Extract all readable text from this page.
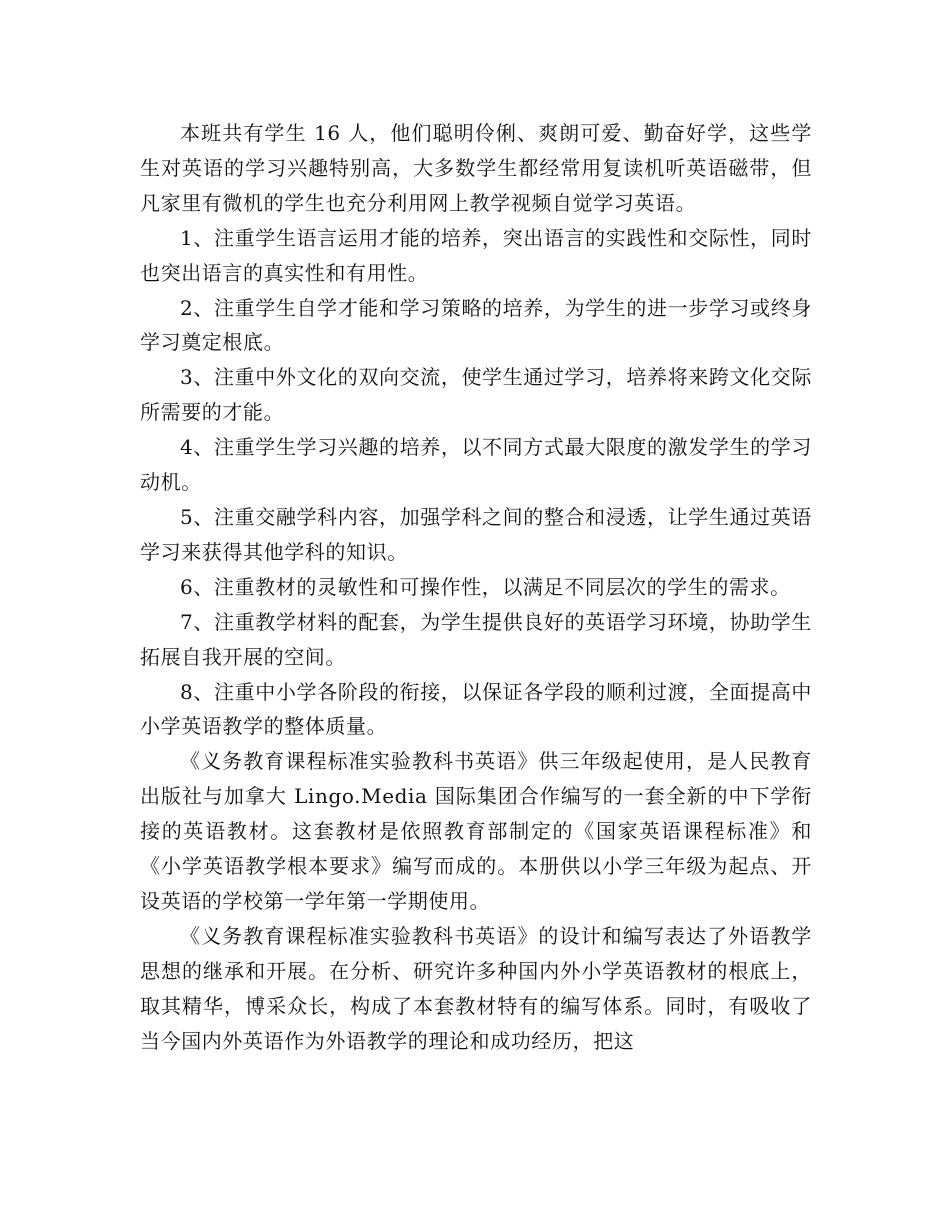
本班共有学生 16 人，他们聪明伶俐、爽朗可爱、勤奋好学，这些学生对英语的学习兴趣特别高，大多数学生都经常用复读机听英语磁带，但凡家里有微机的学生也充分利用网上教学视频自觉学习英语。

1、注重学生语言运用才能的培养，突出语言的实践性和交际性，同时也突出语言的真实性和有用性。

2、注重学生自学才能和学习策略的培养，为学生的进一步学习或终身学习奠定根底。

3、注重中外文化的双向交流，使学生通过学习，培养将来跨文化交际所需要的才能。

4、注重学生学习兴趣的培养，以不同方式最大限度的激发学生的学习动机。

5、注重交融学科内容，加强学科之间的整合和浸透，让学生通过英语学习来获得其他学科的知识。

6、注重教材的灵敏性和可操作性，以满足不同层次的学生的需求。

7、注重教学材料的配套，为学生提供良好的英语学习环境，协助学生拓展自我开展的空间。

8、注重中小学各阶段的衔接，以保证各学段的顺利过渡，全面提高中小学英语教学的整体质量。

《义务教育课程标准实验教科书英语》供三年级起使用，是人民教育出版社与加拿大 Lingo.Media 国际集团合作编写的一套全新的中下学衔接的英语教材。这套教材是依照教育部制定的《国家英语课程标准》和《小学英语教学根本要求》编写而成的。本册供以小学三年级为起点、开设英语的学校第一学年第一学期使用。

《义务教育课程标准实验教科书英语》的设计和编写表达了外语教学思想的继承和开展。在分析、研究许多种国内外小学英语教材的根底上，取其精华，博采众长，构成了本套教材特有的编写体系。同时，有吸收了当今国内外英语作为外语教学的理论和成功经历，把这
